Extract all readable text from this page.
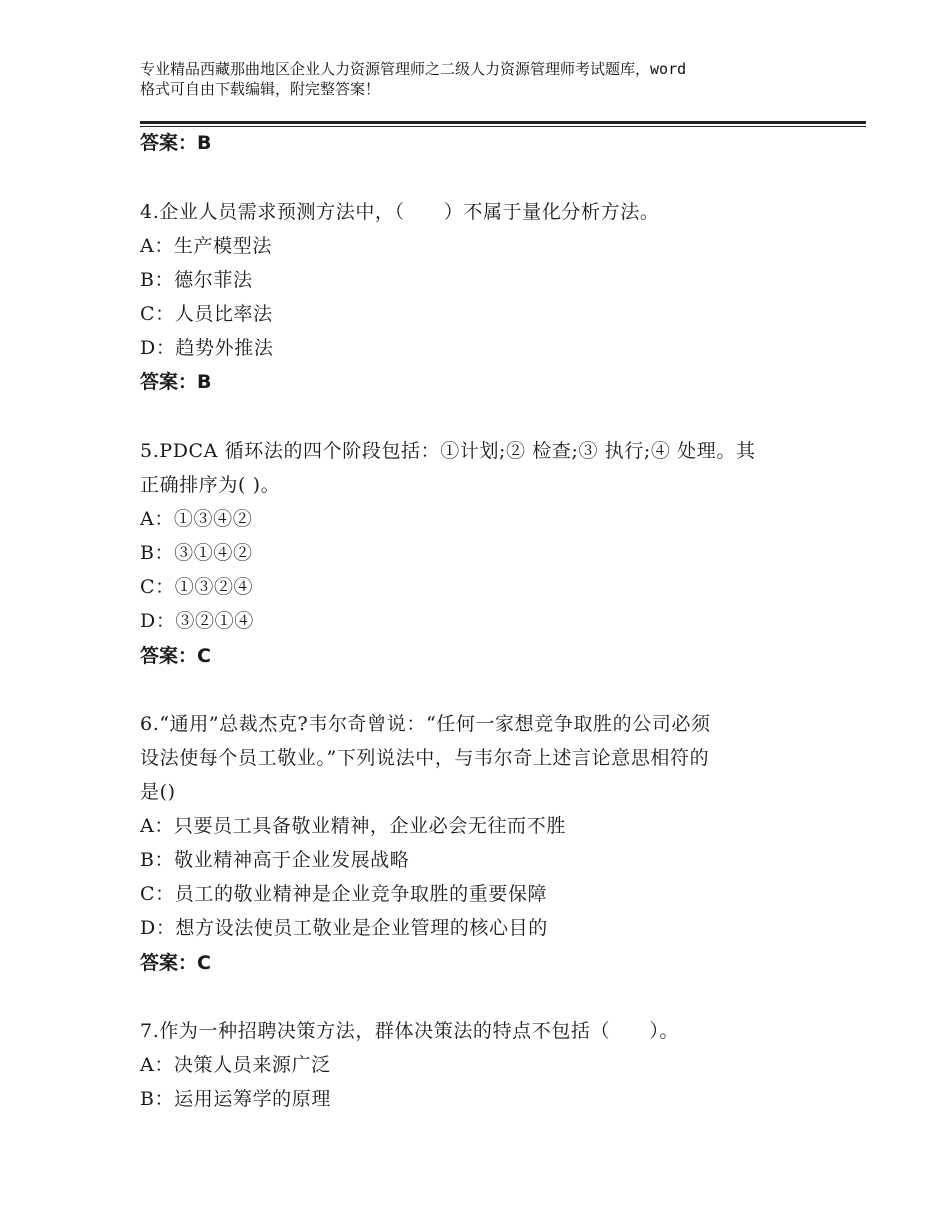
专业精品西藏那曲地区企业人力资源管理师之二级人力资源管理师考试题库，word
格式可自由下载编辑，附完整答案！
答案：B
4.企业人员需求预测方法中，（　　）不属于量化分析方法。
A：生产模型法
B：德尔菲法
C：人员比率法
D：趋势外推法
答案：B
5.PDCA 循环法的四个阶段包括：①计划;② 检查;③ 执行;④ 处理。其
正确排序为( )。
A：①③④②
B：③①④②
C：①③②④
D：③②①④
答案：C
6.“通用”总裁杰克?韦尔奇曾说：“任何一家想竞争取胜的公司必须
设法使每个员工敬业。”下列说法中，与韦尔奇上述言论意思相符的
是()
A：只要员工具备敬业精神，企业必会无往而不胜
B：敬业精神高于企业发展战略
C：员工的敬业精神是企业竞争取胜的重要保障
D：想方设法使员工敬业是企业管理的核心目的
答案：C
7.作为一种招聘决策方法，群体决策法的特点不包括（　　）。
A：决策人员来源广泛
B：运用运筹学的原理
